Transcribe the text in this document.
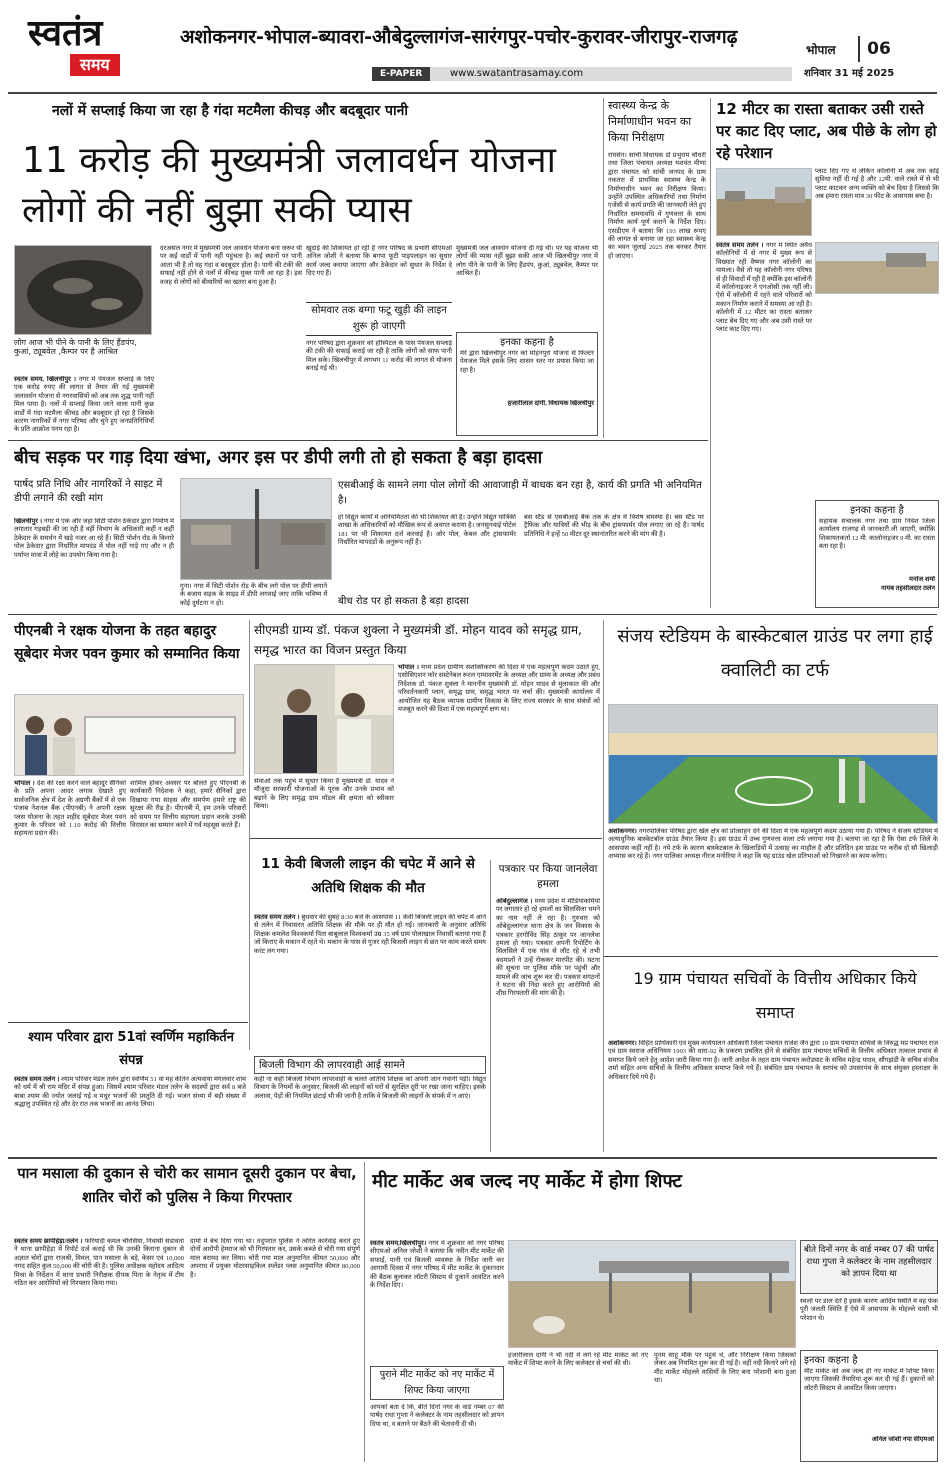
स्वतंत्र
समय
अशोकनगर-भोपाल-ब्यावरा-औबेदुल्लागंज-सारंगपुर-पचोर-कुरावर-जीरापुर-राजगढ़
E-PAPER	www.swatantrasamay.com
भोपाल	06
शनिवार 31 मई 2025
नलों में सप्लाई किया जा रहा है गंदा मटमैला कीचड़ और बदबूदार पानी
11 करोड़ की मुख्यमंत्री जलावर्धन योजना लोगों की नहीं बुझा सकी प्यास
लोग आज भी पीने के पानी के लिए हैंडपंप, कुआं, ट्यूबवेल ,कैम्पर पर है आश्रित
स्वतंत्र समय, खिलचीपुर । नगर में पेयजल सप्लाई के लिए एक करोड़ रुपए की लागत से तैयार की गई मुख्यमंत्री जलावर्धन योजना से नगरवासियों को अब तक शुद्ध पानी नहीं मिल पाया है। नलों में सप्लाई किया जाने वाला पानी कुछ वार्डों में गंदा मटमैला कीचड़ और बदबूदार हो रहा है जिसके कारण नागरिकों में नगर परिषद और चुने हुए जनप्रतिनिधियों के प्रति आक्रोश पनप रहा है।
दरअसल नगर में मुख्यमंत्री जल आवर्धन योजना बना जरूर थी पर कई वार्डों में पानी नहीं पहुंचता है। कई स्थानों पर पानी आता भी है तो वह गंदा व बदबूदार होता है। पानी की टंकी की सफाई नहीं होने से नलों में कीचड़ युक्त पानी आ रहा है। इस वजह से लोगों को बीमारियों का खतरा बना हुआ है।
खुदाई की शिकायत हो रही है नगर परिषद के प्रभारी सीएमओ अनिल जोशी ने बताया कि बगपा फूटी पाइपलाइन का सुधार कार्य जल्द कराया जाएगा और ठेकेदार को सुधार के निर्देश दे दिए गए हैं।
सोमवार तक बग्गा फटू खुड़ी की लाइन शुरू हो जाएगी
नगर परिषद द्वारा शुक्रवार को हॉस्पिटल के पास पेयजल सप्लाई की टंकी की सफाई कराई जा रही है ताकि लोगों को साफ पानी मिल सके। खिलचीपुर में लगभग 11 करोड़ की लागत से योजना बनाई गई थी।
मुख्यमंत्री जल आवर्धन योजना दी गई थी। पर यह योजना भी लोगों की प्यास नहीं बुझा सकी आज भी खिलचीपुर नगर में लोग पीने के पानी के लिए हैंडपंप, कुआं, ट्यूबवेल, कैम्पर पर आश्रित हैं।
इनका कहना है
मेरे द्वारा खिलचीपुर नगर को मोहनपुरा योजना से फिल्टर पेयजल मिले इसके लिए शासन स्तर पर प्रयास किया जा रहा है।
हजारीलाल दांगी, विधायक खिलचीपुर
स्वास्थ्य केन्द्र के निर्माणाधीन भवन का किया निरीक्षण
रायसेन। सांची विधायक डॉ प्रभुराम चौधरी तथा जिला पंचायत अध्यक्ष यशवंत मीणा द्वारा पंचायत को सांची जनपद के ग्राम नकतरा में प्राथमिक स्वास्थ्य केन्द्र के निर्माणाधीन भवन का निरीक्षण किया। उन्होंने उपस्थित अधिकारियों तथा निर्माण एजेंसी से कार्य प्रगति की जानकारी लेते हुए निर्धारित समयावधि में गुणवत्ता के साथ निर्माण कार्य पूर्ण कराने के निर्देश दिए। एसडीएम ने बताया कि 193 लाख रूपए की लागत से बनाया जा रहा स्वास्थ्य केन्द्र का भवन जुलाई 2025 तक बनकर तैयार हो जाएगा।
12 मीटर का रास्ता बताकर उसी रास्ते पर काट दिए प्लाट, अब पीछे के लोग हो रहे परेशान
प्लाट दिए गए थे लेकिन कॉलोनी में अब तक कोई सुविधा नहीं दी गई है और 12मी. वाले रास्ते में से भी प्लाट काटकर अन्य व्यक्ति को बेच दिया है जिससे कि अब हमारा रास्ता मात्र 30 फीट के आसपास बचा है।
स्वतंत्र समय तलेन । नगर में स्थित अवैध कॉलोनियों में से नगर में मुख्य रूप से विख्यात रही वैष्णव नगर कॉलोनी का मामला। वैसे तो यह कॉलोनी नगर परिषद से ही विवादों में रही है क्योंकि इस कॉलोनी में कॉलोनाइजर ने एनओसी तक नहीं ली। ऐसे में कॉलोनी में रहने वाले परिवारों को मकान निर्माण कराने में समस्या आ रही है। कॉलोनी में 12 मीटर का रास्ता बताकर प्लाट बेच दिए गए और अब उसी रास्ते पर प्लाट काट दिए गए।
इनका कहना है
सहायक संचालक नगर तथा ग्राम निवेश जिला कार्यालय राजगढ़ से जानकारी ली जाएगी, क्योंकि शिकायतकर्ता 12 मी. कालोनाइजर 9 मी. का रास्ता बता रहा है।
मनोज शर्मा
नायब तहसीलदार तलेन
बीच सड़क पर गाड़ दिया खंभा, अगर इस पर डीपी लगी तो हो सकता है बड़ा हादसा
पार्षद प्रति निधि और नागरिकों ने साइट में डीपी लगाने की रखी मांग
खिलचीपुर । नगर में एक और जहां सिटी पोर्शन ठेकेदार द्वारा निर्माण में लगातार गड़बड़ी की जा रही है वहीं विभाग के अधिकारी कहीं न कहीं ठेकेदार के समर्थन में खड़े नजर आ रहे हैं। सिटी पोर्शन रोड के किनारे पोल ठेकेदार द्वारा निर्धारित मापदंड में पोल नहीं गाड़े गए और न ही पर्याप्त मात्रा में लोहे का उपयोग किया गया है।
गुना। नगर में सिटी पोर्शन रोड के बीच लगे पोल पर डीपी लगाने के बजाय सड़क के साइड में डीपी लगवाई जाए ताकि भविष्य में कोई दुर्घटना न हो।
एसबीआई के सामने लगा पोल लोगों की आवाजाही में बाधक बन रहा है, कार्य की प्रगति भी अनियमित है।
हो विद्युत कार्यों में अनियमितता की भी शिकायत की है। उन्होंने विद्युत यांत्रिकी शाखा के अधिकारियों को मौखिक रूप से अवगत कराया है। जनसुनवाई पोर्टल 181 पर भी शिकायत दर्ज करवाई है। ओर पोल, केबल और ट्रांसफार्मर निर्धारित मापदंडों के अनुरूप नहीं हैं।
बीच रोड पर हो सकता है बड़ा हादसा
बस स्टैंड से एसबीआई बैंक तक के क्षेत्र में विशेष समस्या है। बस स्टैंड पर ट्रैफिक और यात्रियों की भीड़ के बीच ट्रांसफार्मर पोल लगाए जा रहे हैं। पार्षद प्रतिनिधि ने इन्हें 50 मीटर दूर स्थानांतरित करने की मांग की है।
पीएनबी ने रक्षक योजना के तहत बहादुर सूबेदार मेजर पवन कुमार को सम्मानित किया
भोपाल । देश की रक्षा करने वाले बहादुर सैनिकों के प्रति अपना आदर लगाव देखाते हुए सार्वजनिक क्षेत्र में देश के अग्रणी बैंकों में से एक पंजाब नेशनल बैंक (पीएनबी) ने अपनी रक्षक प्लस योजना के तहत शहीद सूबेदार मेजर पवन कुमार के परिवार को 1.10 करोड़ की वित्तीय सहायता प्रदान की।
शामिल होकर अवसर पर बोलते हुए पीएनबी के कार्यकारी निदेशक ने कहा, हमारे सैनिकों द्वारा दिखाया गया साहस और समर्पण हमारे राष्ट्र की सुरक्षा की रीढ़ है। पीएनबी में, हम उनके परिवारों को समय पर वित्तीय सहायता प्रदान करके उनकी विरासत का सम्मान करने में गर्व महसूस करते हैं।
सीएमडी ग्राम्य डॉ. पंकज शुक्ला ने मुख्यमंत्री डॉ. मोहन यादव को समृद्ध ग्राम, समृद्ध भारत का विजन प्रस्तुत किया
भोपाल । मध्य प्रदेश ग्रामीण सशक्तिकरण की दिशा में एक महत्वपूर्ण कदम उठाते हुए, एसोसिएशन फॉर सस्टेनेबल रूरल एम्पावरमेंट के अध्यक्ष और ग्राम्य के अध्यक्ष और प्रबंध निदेशक डॉ. पंकज शुक्ला ने माननीय मुख्यमंत्री डॉ. मोहन यादव से मुलाकात की और परिवर्तनकारी प्लान, समृद्ध ग्राम, समृद्ध भारत पर चर्चा की। मुख्यमंत्री कार्यालय में आयोजित यह बैठक व्यापक ग्रामीण विकास के लिए राज्य सरकार के साथ संबंधों को मजबूत करने की दिशा में एक महत्वपूर्ण क्षण था।
सेवाओं तक पहुंच में सुधार किया है मुख्यमंत्री डॉ. यादव ने मौजूदा सरकारी योजनाओं के पूरक और उनके प्रभाव को बढ़ाने के लिए समृद्ध ग्राम मॉडल की क्षमता को स्वीकार किया।
11 केवी बिजली लाइन की चपेट में आने से अतिथि शिक्षक की मौत
स्वतंत्र समय तलेन । बुधवार की सुबह 8:30 बजे के आसपास 11 केवी बिजली लाइन की चपेट में आने से तलेन में निवासरत अतिथि शिक्षक की मौके पर ही मौत हो गई। जानकारी के अनुसार अतिथि शिक्षक कमलेश विश्वकर्मा पिता बाबूलाल विश्वकर्मा उम्र 35 वर्ष ग्राम पोलाखाल निवासी बताया गया है जो किराए के मकान में रहते थे। मकान के पास से गुजर रही बिजली लाइन से छत पर काम करते समय करंट लग गया।
बिजली विभाग की लापरवाही आई सामने
कहीं ना कहीं बिजली विभाग लापरवाही के चलते अतिथि शिक्षक को अपनी जान गवानी पड़ी। विद्युत विभाग के नियमों के अनुसार, बिजली की लाइनों को घरों से सुरक्षित दूरी पर रखा जाना चाहिए। इसके अलावा, पेड़ों की नियमित छंटाई भी की जानी है ताकि वे बिजली की लाइनों के संपर्क में न आएं।
पत्रकार पर किया जानलेवा हमला
ओबेदुल्लागंज । मध्य प्रदेश में मीडियाकर्मियों पर लगातार हो रहे हमलों का सिलसिला थमने का नाम नहीं ले रहा है। गुरुवार को ओबेदुल्लागंज थाना क्षेत्र के जन विकास के पत्रकार हरगोविंद सिंह ठाकुर पर जानलेवा हमला हो गया। पत्रकार अपनी रिपोर्टिंग के सिलसिले में एक गांव से लौट रहे थे तभी बदमाशों ने उन्हें रोककर मारपीट की। घटना की सूचना पर पुलिस मौके पर पहुंची और मामले की जांच शुरू कर दी। पत्रकार संगठनों ने घटना की निंदा करते हुए आरोपियों की शीघ्र गिरफ्तारी की मांग की है।
श्याम परिवार द्वारा 51वां स्वर्णिम महाकिर्तन संपन्न
स्वतंत्र समय तलेन । श्याम परिवार मंडल तलेन द्वारा स्वर्णिम 51 वा मह कीर्तन अत्यवाया मंगलवार शाम को धर्म में श्री राम मंदिर में संपन्न हुआ। जिसमें श्याम परिवार मंडल तलेन के सदस्यों द्वारा सर्व 8 बजे बाबा श्याम की ज्योत जलाई गई व मधुर भजनों की प्रस्तुति दी गई। भजन संध्या में बड़ी संख्या में श्रद्धालु उपस्थित रहे और देर रात तक भजनों का आनंद लिया।
संजय स्टेडियम के बास्केटबाल ग्राउंड पर लगा हाई क्वालिटी का टर्फ
अशोकनगर। नगरपालिका परिषद द्वारा खेल क्षेत्र को प्रोत्साहन देने की दिशा में एक महत्वपूर्ण कदम उठाया गया है। परिषद ने संजय स्टेडियम में अत्याधुनिक बास्केटबॉल ग्राउंड तैयार किया है। इस ग्राउंड में उच्च गुणवत्ता वाला टर्फ लगाया गया है। बताया जा रहा है कि ऐसा टर्फ जिले के आसपास कहीं नहीं है। नये टर्फ के कारण बास्केटबाल के खिलाड़ियों में उत्साह का माहौल है और प्रतिदिन इस ग्राउंड पर करीब दो सौ खिलाड़ी अभ्यास कर रहे हैं। नगर पालिका अध्यक्ष नीरज मनोरिया ने कहा कि यह ग्राउंड खेल प्रतिभाओं को निखारने का काम करेगा।
19 ग्राम पंचायत सचिवों के वित्तीय अधिकार किये समाप्त
अशोकनगर। विहित प्राधिकारी एवं मुख्य कार्यपालन अधिकारी जिला पंचायत राजेश जैन द्वारा 19 ग्राम पंचायत सचिवों के विरुद्ध मप्र पंचायत राज एवं ग्राम स्वराज अधिनियम 1993 की धारा-92 के प्रकरण प्रचलित होने से संबंधित ग्राम पंचायत सचिवों के वित्तीय अधिकार तत्काल प्रभाव से समाप्त किये जाने हेतु आदेश जारी किया गया है। जारी आदेश के तहत ग्राम पंचायत करोडघाट के सचिव महेन्द्र यादव, सौंगझंडी के सचिव संजीव शर्मा सहित अन्य सचिवों के वित्तीय अधिकार समाप्त किये गये हैं। संबंधित ग्राम पंचायत के सरपंच को उपसरपंच के साथ संयुक्त हस्ताक्षर के अधिकार दिये गये हैं।
पान मसाला की दुकान से चोरी कर सामान दूसरी दुकान पर बेचा, शातिर चोरों को पुलिस ने किया गिरफ्तार
स्वतंत्र समय छापीहेड़ा/तलेन । फरियादी कमल चौरसिया, निवासी संडावता ने थाना छापीहेड़ा में रिपोर्ट दर्ज कराई थी कि उनकी किराना दुकान से अज्ञात चोरों द्वारा राजश्री, विमल, पान मसाला के बड़े, केसर एवं 10,000 नगद सहित कुल 50,000 की चोरी की है। पुलिस अधीक्षक महोदय आदित्य मिश्रा के निर्देशन में थाना प्रभारी निरीक्षक दीपक पिता के नेतृत्व में टीम गठित कर आरोपियों को गिरफ्तार किया गया।
दामों में बेच दिया गया था। तदुपरांत पुलिस ने त्वरित कार्रवाई करते हुए दोनों आरोपी हेमराज को भी गिरफ्तार कर, उसके कब्जे से चोरी गया संपूर्ण माल बरामद कर लिया। चोरी गया माल अनुमानित कीमत 50,000 और अपराध में प्रयुक्त मोटरसाइकिल स्प्लेंडर प्लस अनुमानित कीमत 80,000 है।
मीट मार्केट अब जल्द नए मार्केट में होगा शिफ्ट
स्वतंत्र समय,खिलचीपुर। नगर में शुक्रवार को नगर परिषद सीएमओ अनिल जोशी ने बताया कि नवीन मीट मार्केट की सफाई, पानी एवं बिजली व्यवस्था के निर्देश जारी कर आगामी दिवस में नगर परिषद में मीट मार्केट के दुकानदार की बैठक बुलाकर लॉटरी सिस्टम से दुकानें आवंटित करने के निर्देश दिए।
पुराने मीट मार्केट को नए मार्केट में शिफ्ट किया जाएगा
आपको बता दें कि, बीते दिनों नगर के वार्ड नम्बर 07 की पार्षद राधा गुप्ता ने कलेक्टर के नाम तहसीलदार को ज्ञापन दिया था, व बताने पर बैठने की चेतावनी दी थी।
हजारीलाल दांगी ने भी नदी में लगे रहे मीट मार्केट को नए मार्केट में शिफ्ट करने के लिए कलेक्टर से चर्चा की थी।
पूनम साहू मौके पर पहुंचे थे, और निरीक्षण किया जिसको लेकर अब नियमित शुरू कर दी गई है। वहीं नदी किनारे लगे रहे मीट मार्केट मोहल्ले वासियों के लिए बना परेशानी बना हुआ था।
बीते दिनों नगर के वार्ड नम्बर 07 की पार्षद राधा गुप्ता ने कलेक्टर के नाम तहसीलदार को ज्ञापन दिया था
स्थलों पर डाल देते हैं इसके कारण आदिम स्थिति में वह फेंक पूरी जलती स्थिति हैं ऐसे में आसपास के मोहल्ले वासी भी परेशान थे।
इनका कहना है
मीट मार्केट को अब जल्द ही नए मार्केट में शिफ्ट किया जाएगा जिसकी तैयारियां शुरू कर दी गई हैं। दुकानों को लॉटरी सिस्टम से आवंटित किया जाएगा।
अनिल जोशी नपा सीएमओ
